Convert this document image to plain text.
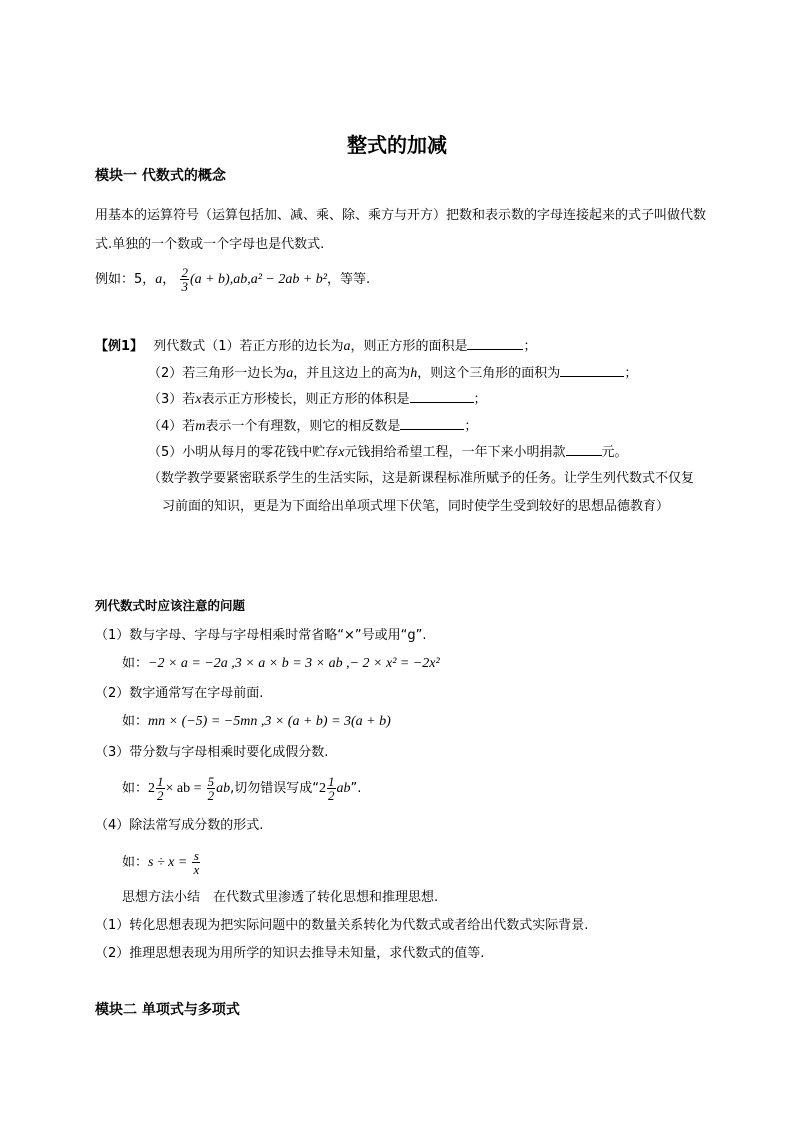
整式的加减
模块一 代数式的概念
用基本的运算符号（运算包括加、减、乘、除、乘方与开方）把数和表示数的字母连接起来的式子叫做代数
式.单独的一个数或一个字母也是代数式.
例如：5，a， $\frac{2}{3} (a + b),ab,a^2 - 2ab + b^2$，等等.
【例1】 列代数式（1）若正方形的边长为a，则正方形的面积是	；
（2）若三角形一边长为a，并且这边上的高为h，则这个三角形的面积为	；
（3）若x表示正方形棱长，则正方形的体积是	；
（4）若m表示一个有理数，则它的相反数是	；
（5）小明从每月的零花钱中贮存x元钱捐给希望工程，一年下来小明捐款	元。
（数学教学要紧密联系学生的生活实际，这是新课程标准所赋予的任务。让学生列代数式不仅复
习前面的知识，更是为下面给出单项式埋下伏笔，同时使学生受到较好的思想品德教育）
列代数式时应该注意的问题
（1）数与字母、字母与字母相乘时常省略“×”号或用“g”.
如：−2 × a = −2a ,3 × a × b = 3 × ab ,− 2 × x² = −2x²
（2）数字通常写在字母前面.
如：mn × (−5) = −5mn ,3 × (a + b) = 3(a + b)
（3）带分数与字母相乘时要化成假分数.
如：$2 \frac{1}{2}$ × ab = $\frac{5}{2}$ ab,切勿错误写成“$2 \frac{1}{2}$ ab”.
（4）除法常写成分数的形式.
如：$s \div x = \frac{s}{x}$
思想方法小结　在代数式里渗透了转化思想和推理思想.
（1）转化思想表现为把实际问题中的数量关系转化为代数式或者给出代数式实际背景.
（2）推理思想表现为用所学的知识去推导未知量，求代数式的值等.
模块二 单项式与多项式
